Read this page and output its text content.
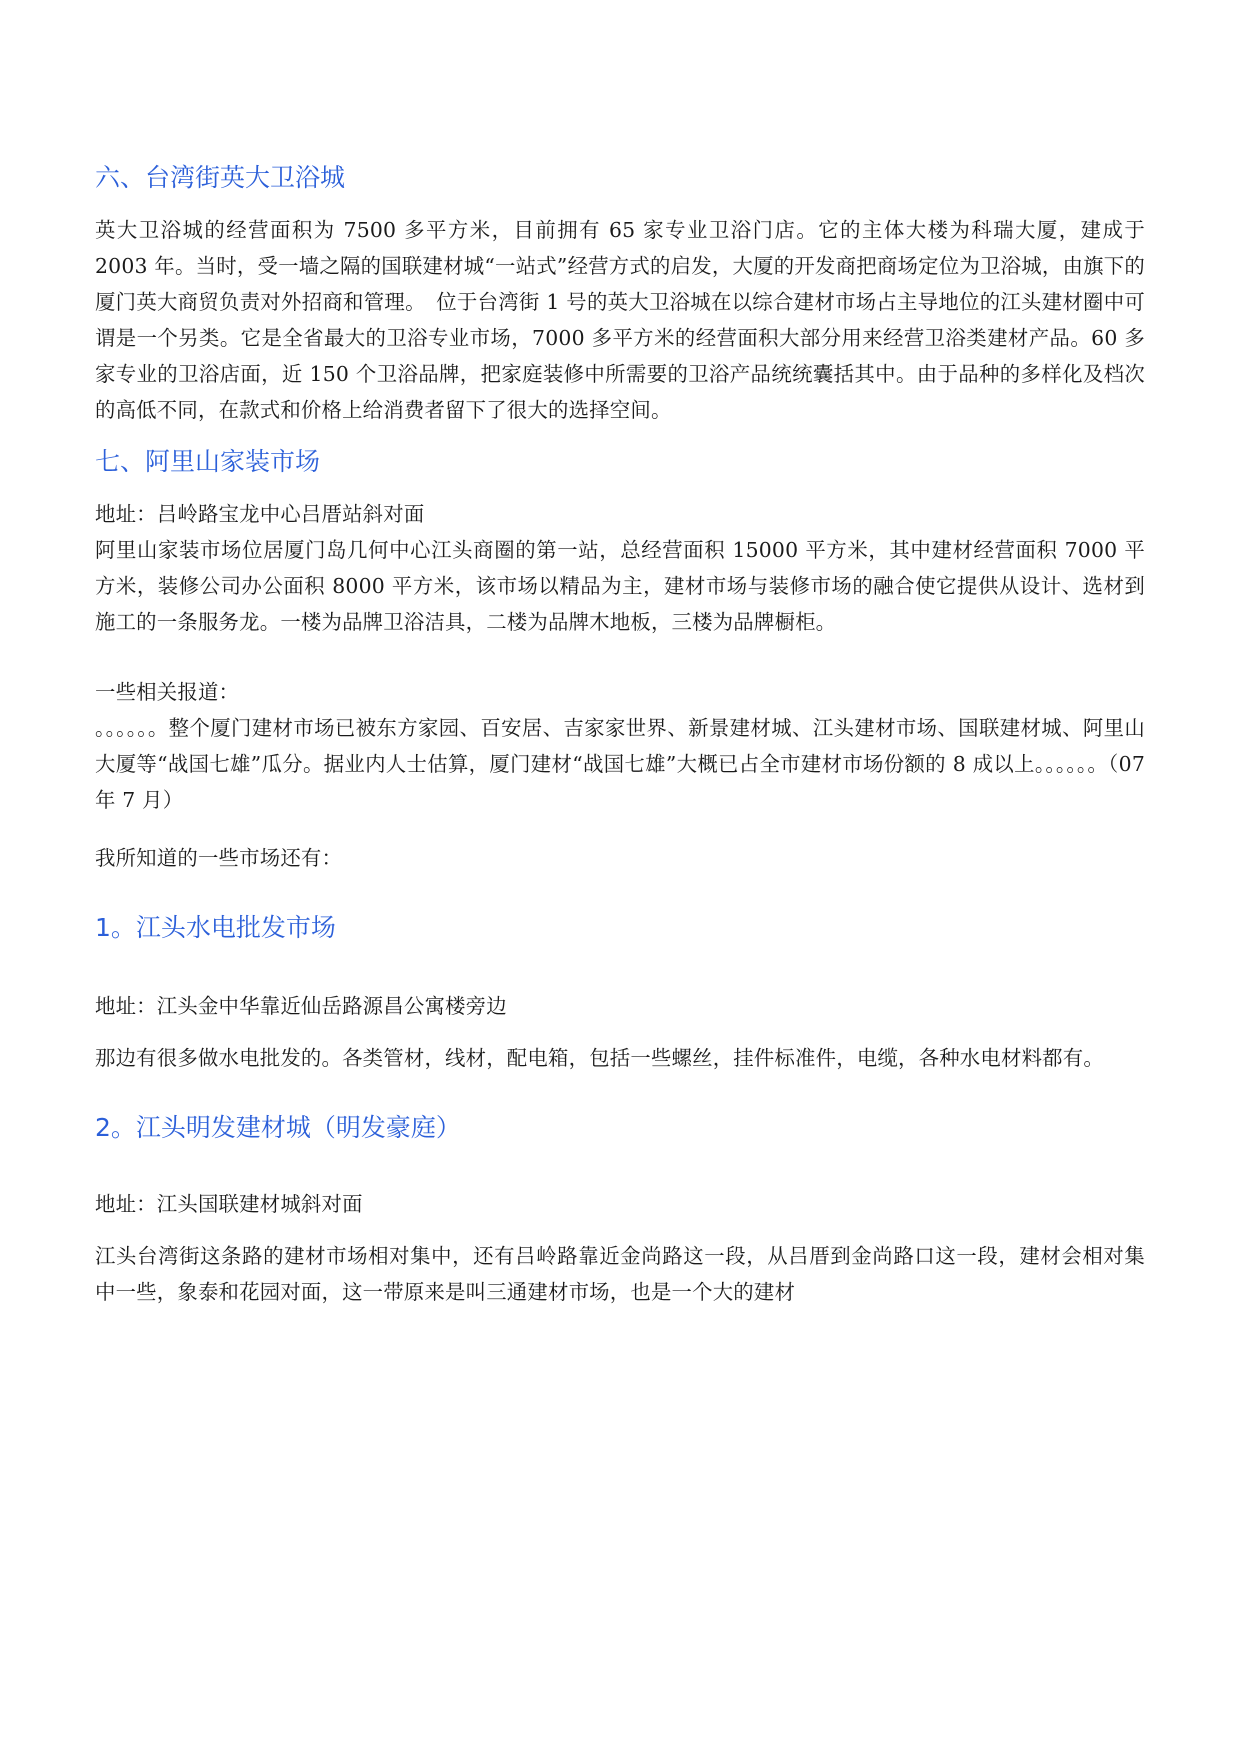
六、台湾街英大卫浴城

英大卫浴城的经营面积为 7500 多平方米，目前拥有 65 家专业卫浴门店。它的主体大楼为科瑞大厦，建成于 2003 年。当时，受一墙之隔的国联建材城“一站式”经营方式的启发，大厦的开发商把商场定位为卫浴城，由旗下的厦门英大商贸负责对外招商和管理。　位于台湾街 1 号的英大卫浴城在以综合建材市场占主导地位的江头建材圈中可谓是一个另类。它是全省最大的卫浴专业市场，7000 多平方米的经营面积大部分用来经营卫浴类建材产品。60 多家专业的卫浴店面，近 150 个卫浴品牌，把家庭装修中所需要的卫浴产品统统囊括其中。由于品种的多样化及档次的高低不同，在款式和价格上给消费者留下了很大的选择空间。

七、阿里山家装市场

地址：吕岭路宝龙中心吕厝站斜对面

阿里山家装市场位居厦门岛几何中心江头商圈的第一站，总经营面积 15000 平方米，其中建材经营面积 7000 平方米，装修公司办公面积 8000 平方米，该市场以精品为主，建材市场与装修市场的融合使它提供从设计、选材到施工的一条服务龙。一楼为品牌卫浴洁具，二楼为品牌木地板，三楼为品牌橱柜。

一些相关报道：

。。。。。。整个厦门建材市场已被东方家园、百安居、吉家家世界、新景建材城、江头建材市场、国联建材城、阿里山大厦等“战国七雄”瓜分。据业内人士估算，厦门建材“战国七雄”大概已占全市建材市场份额的 8 成以上。。。。。。（07 年 7 月）

我所知道的一些市场还有：

1。江头水电批发市场

地址：江头金中华靠近仙岳路源昌公寓楼旁边

那边有很多做水电批发的。各类管材，线材，配电箱，包括一些螺丝，挂件标准件，电缆，各种水电材料都有。

2。江头明发建材城（明发豪庭）

地址：江头国联建材城斜对面

江头台湾街这条路的建材市场相对集中，还有吕岭路靠近金尚路这一段，从吕厝到金尚路口这一段，建材会相对集中一些，象泰和花园对面，这一带原来是叫三通建材市场，也是一个大的建材
